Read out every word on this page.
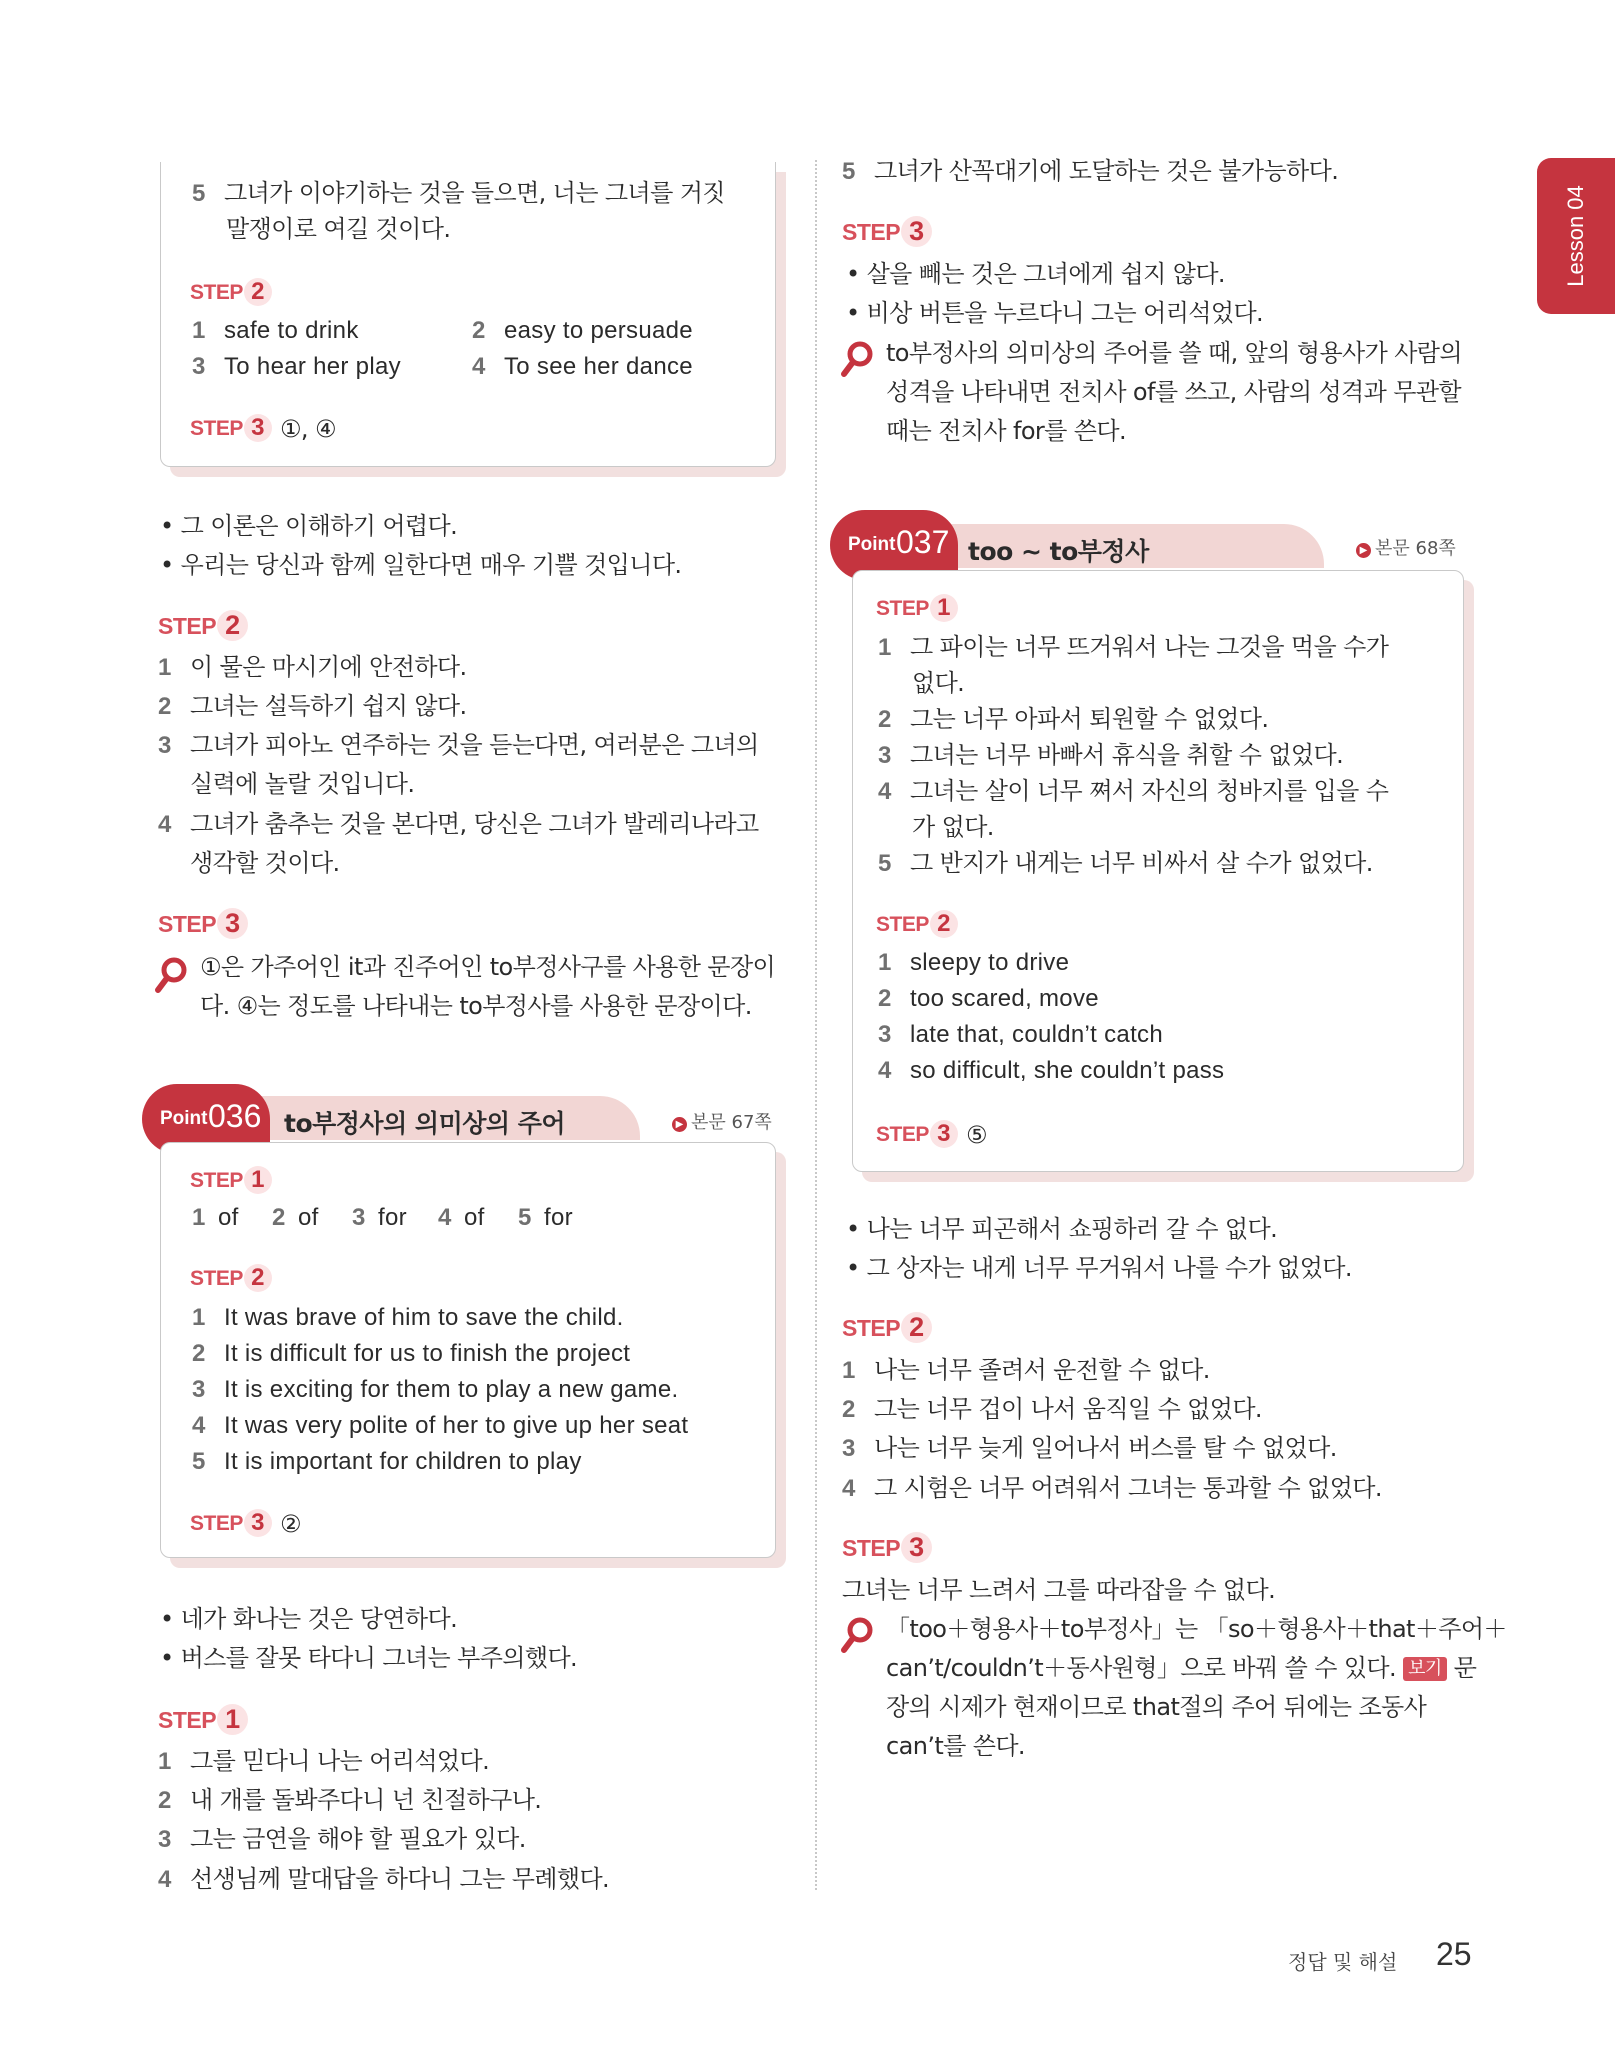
Lesson 04
5 그녀가 이야기하는 것을 들으면, 너는 그녀를 거짓
말쟁이로 여길 것이다.
STEP 2
1 safe to drink	2 easy to persuade
3 To hear her play	4 To see her dance
STEP 3 ①, ④
• 그 이론은 이해하기 어렵다.
• 우리는 당신과 함께 일한다면 매우 기쁠 것입니다.
STEP 2
1 이 물은 마시기에 안전하다.
2 그녀는 설득하기 쉽지 않다.
3 그녀가 피아노 연주하는 것을 듣는다면, 여러분은 그녀의
실력에 놀랄 것입니다.
4 그녀가 춤추는 것을 본다면, 당신은 그녀가 발레리나라고
생각할 것이다.
STEP 3
①은 가주어인 it과 진주어인 to부정사구를 사용한 문장이
다. ④는 정도를 나타내는 to부정사를 사용한 문장이다.
Point 036 to부정사의 의미상의 주어	▶ 본문 67쪽
STEP 1
1 of 2 of 3 for 4 of 5 for
STEP 2
1 It was brave of him to save the child.
2 It is difficult for us to finish the project
3 It is exciting for them to play a new game.
4 It was very polite of her to give up her seat
5 It is important for children to play
STEP 3 ②
• 네가 화나는 것은 당연하다.
• 버스를 잘못 타다니 그녀는 부주의했다.
STEP 1
1 그를 믿다니 나는 어리석었다.
2 내 개를 돌봐주다니 넌 친절하구나.
3 그는 금연을 해야 할 필요가 있다.
4 선생님께 말대답을 하다니 그는 무례했다.
5 그녀가 산꼭대기에 도달하는 것은 불가능하다.
STEP 3
• 살을 빼는 것은 그녀에게 쉽지 않다.
• 비상 버튼을 누르다니 그는 어리석었다.
to부정사의 의미상의 주어를 쓸 때, 앞의 형용사가 사람의
성격을 나타내면 전치사 of를 쓰고, 사람의 성격과 무관할
때는 전치사 for를 쓴다.
Point 037 too ~ to부정사	▶ 본문 68쪽
STEP 1
1 그 파이는 너무 뜨거워서 나는 그것을 먹을 수가
없다.
2 그는 너무 아파서 퇴원할 수 없었다.
3 그녀는 너무 바빠서 휴식을 취할 수 없었다.
4 그녀는 살이 너무 쪄서 자신의 청바지를 입을 수
가 없다.
5 그 반지가 내게는 너무 비싸서 살 수가 없었다.
STEP 2
1 sleepy to drive
2 too scared, move
3 late that, couldn’t catch
4 so difficult, she couldn’t pass
STEP 3 ⑤
• 나는 너무 피곤해서 쇼핑하러 갈 수 없다.
• 그 상자는 내게 너무 무거워서 나를 수가 없었다.
STEP 2
1 나는 너무 졸려서 운전할 수 없다.
2 그는 너무 겁이 나서 움직일 수 없었다.
3 나는 너무 늦게 일어나서 버스를 탈 수 없었다.
4 그 시험은 너무 어려워서 그녀는 통과할 수 없었다.
STEP 3
그녀는 너무 느려서 그를 따라잡을 수 없다.
「too＋형용사＋to부정사」는 「so＋형용사＋that＋주어＋
can’t/couldn’t＋동사원형」으로 바꿔 쓸 수 있다. 보기 문
장의 시제가 현재이므로 that절의 주어 뒤에는 조동사
can’t를 쓴다.
정답 및 해설 25
